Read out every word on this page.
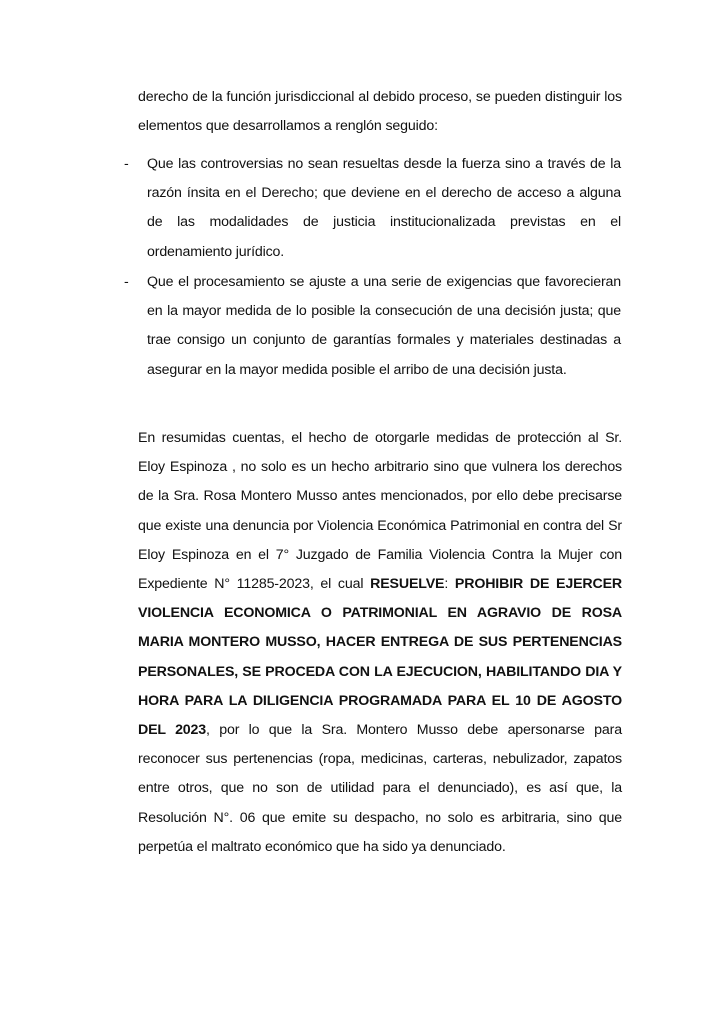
derecho de la función jurisdiccional al debido proceso, se pueden distinguir los elementos que desarrollamos a renglón seguido:

- Que las controversias no sean resueltas desde la fuerza sino a través de la razón ínsita en el Derecho; que deviene en el derecho de acceso a alguna de las modalidades de justicia institucionalizada previstas en el ordenamiento jurídico.

- Que el procesamiento se ajuste a una serie de exigencias que favorecieran en la mayor medida de lo posible la consecución de una decisión justa; que trae consigo un conjunto de garantías formales y materiales destinadas a asegurar en la mayor medida posible el arribo de una decisión justa.

En resumidas cuentas, el hecho de otorgarle medidas de protección al Sr. Eloy Espinoza , no solo es un hecho arbitrario sino que vulnera los derechos de la Sra. Rosa Montero Musso antes mencionados, por ello debe precisarse que existe una denuncia por Violencia Económica Patrimonial en contra del Sr Eloy Espinoza en el 7° Juzgado de Familia Violencia Contra la Mujer con Expediente N° 11285-2023, el cual RESUELVE: PROHIBIR DE EJERCER VIOLENCIA ECONOMICA O PATRIMONIAL EN AGRAVIO DE ROSA MARIA MONTERO MUSSO, HACER ENTREGA DE SUS PERTENENCIAS PERSONALES, SE PROCEDA CON LA EJECUCION, HABILITANDO DIA Y HORA PARA LA DILIGENCIA PROGRAMADA PARA EL 10 DE AGOSTO DEL 2023, por lo que la Sra. Montero Musso debe apersonarse para reconocer sus pertenencias (ropa, medicinas, carteras, nebulizador, zapatos entre otros, que no son de utilidad para el denunciado), es así que, la Resolución N°. 06 que emite su despacho, no solo es arbitraria, sino que perpetúa el maltrato económico que ha sido ya denunciado.
